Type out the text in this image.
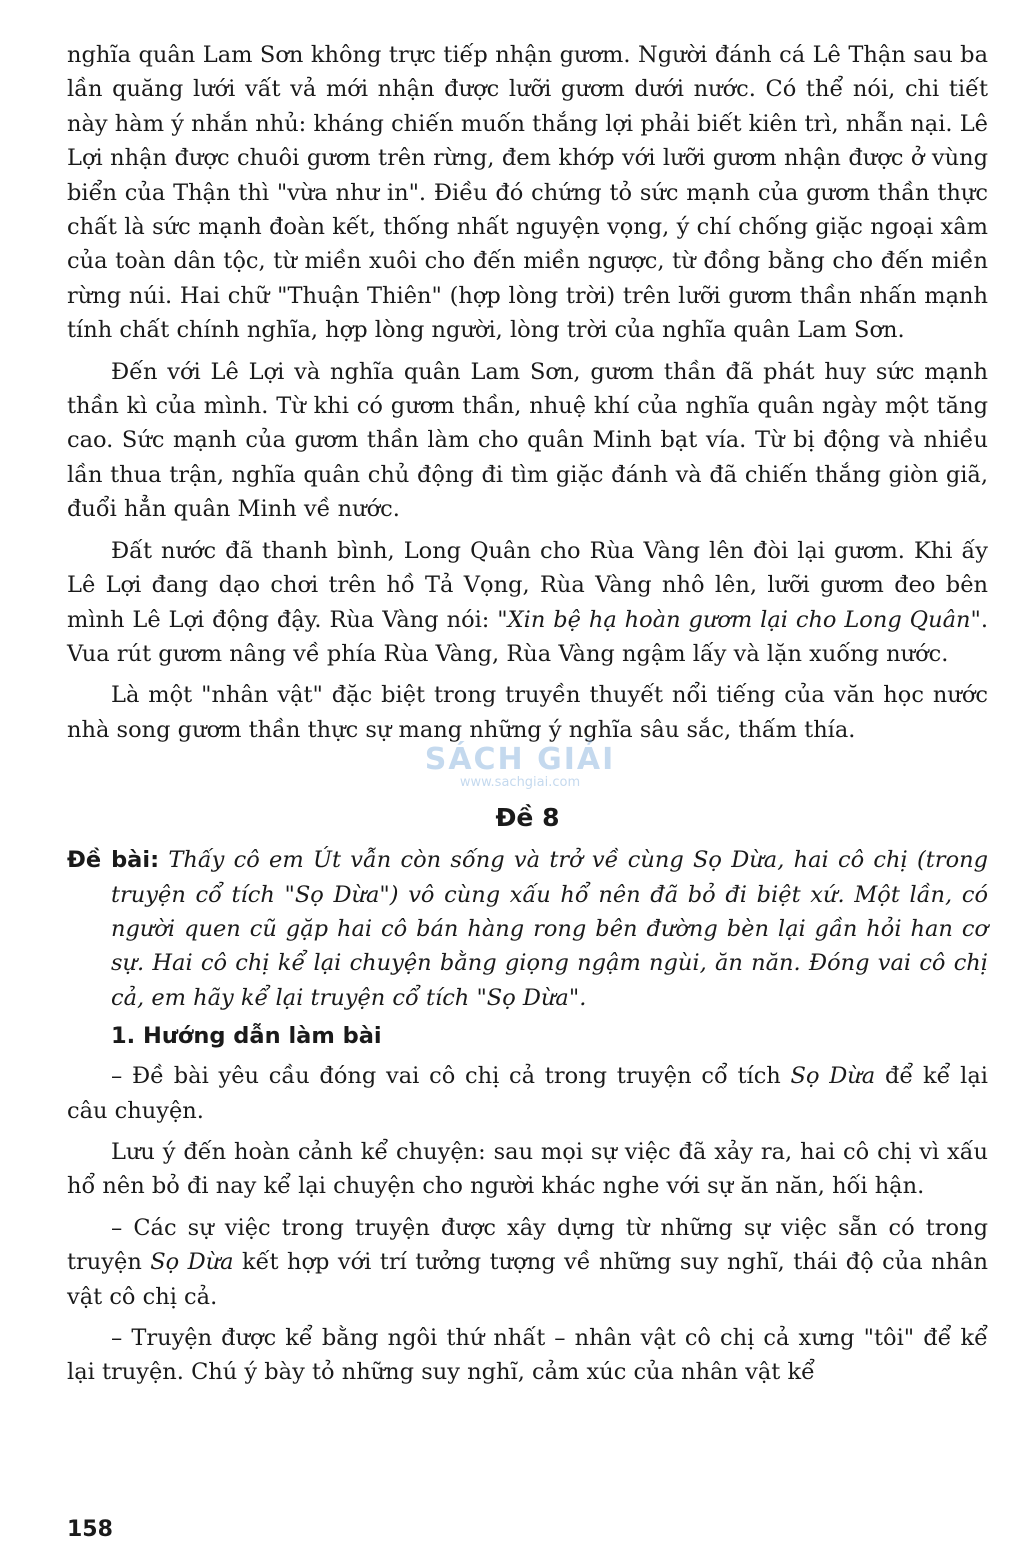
nghĩa quân Lam Sơn không trực tiếp nhận gươm. Người đánh cá Lê Thận sau ba lần quăng lưới vất vả mới nhận được lưỡi gươm dưới nước. Có thể nói, chi tiết này hàm ý nhắn nhủ: kháng chiến muốn thắng lợi phải biết kiên trì, nhẫn nại. Lê Lợi nhận được chuôi gươm trên rừng, đem khớp với lưỡi gươm nhận được ở vùng biển của Thận thì "vừa như in". Điều đó chứng tỏ sức mạnh của gươm thần thực chất là sức mạnh đoàn kết, thống nhất nguyện vọng, ý chí chống giặc ngoại xâm của toàn dân tộc, từ miền xuôi cho đến miền ngược, từ đồng bằng cho đến miền rừng núi. Hai chữ "Thuận Thiên" (hợp lòng trời) trên lưỡi gươm thần nhấn mạnh tính chất chính nghĩa, hợp lòng người, lòng trời của nghĩa quân Lam Sơn.

Đến với Lê Lợi và nghĩa quân Lam Sơn, gươm thần đã phát huy sức mạnh thần kì của mình. Từ khi có gươm thần, nhuệ khí của nghĩa quân ngày một tăng cao. Sức mạnh của gươm thần làm cho quân Minh bạt vía. Từ bị động và nhiều lần thua trận, nghĩa quân chủ động đi tìm giặc đánh và đã chiến thắng giòn giã, đuổi hẳn quân Minh về nước.

Đất nước đã thanh bình, Long Quân cho Rùa Vàng lên đòi lại gươm. Khi ấy Lê Lợi đang dạo chơi trên hồ Tả Vọng, Rùa Vàng nhô lên, lưỡi gươm đeo bên mình Lê Lợi động đậy. Rùa Vàng nói: "Xin bệ hạ hoàn gươm lại cho Long Quân". Vua rút gươm nâng về phía Rùa Vàng, Rùa Vàng ngậm lấy và lặn xuống nước.

Là một "nhân vật" đặc biệt trong truyền thuyết nổi tiếng của văn học nước nhà song gươm thần thực sự mang những ý nghĩa sâu sắc, thấm thía.

Đề 8
Đề bài: Thấy cô em Út vẫn còn sống và trở về cùng Sọ Dừa, hai cô chị (trong truyện cổ tích "Sọ Dừa") vô cùng xấu hổ nên đã bỏ đi biệt xứ. Một lần, có người quen cũ gặp hai cô bán hàng rong bên đường bèn lại gần hỏi han cơ sự. Hai cô chị kể lại chuyện bằng giọng ngậm ngùi, ăn năn. Đóng vai cô chị cả, em hãy kể lại truyện cổ tích "Sọ Dừa".
1. Hướng dẫn làm bài

– Đề bài yêu cầu đóng vai cô chị cả trong truyện cổ tích Sọ Dừa để kể lại câu chuyện.

Lưu ý đến hoàn cảnh kể chuyện: sau mọi sự việc đã xảy ra, hai cô chị vì xấu hổ nên bỏ đi nay kể lại chuyện cho người khác nghe với sự ăn năn, hối hận.

– Các sự việc trong truyện được xây dựng từ những sự việc sẵn có trong truyện Sọ Dừa kết hợp với trí tưởng tượng về những suy nghĩ, thái độ của nhân vật cô chị cả.

– Truyện được kể bằng ngôi thứ nhất – nhân vật cô chị cả xưng "tôi" để kể lại truyện. Chú ý bày tỏ những suy nghĩ, cảm xúc của nhân vật kể

SÁCH GIẢI
www.sachgiai.com
158
